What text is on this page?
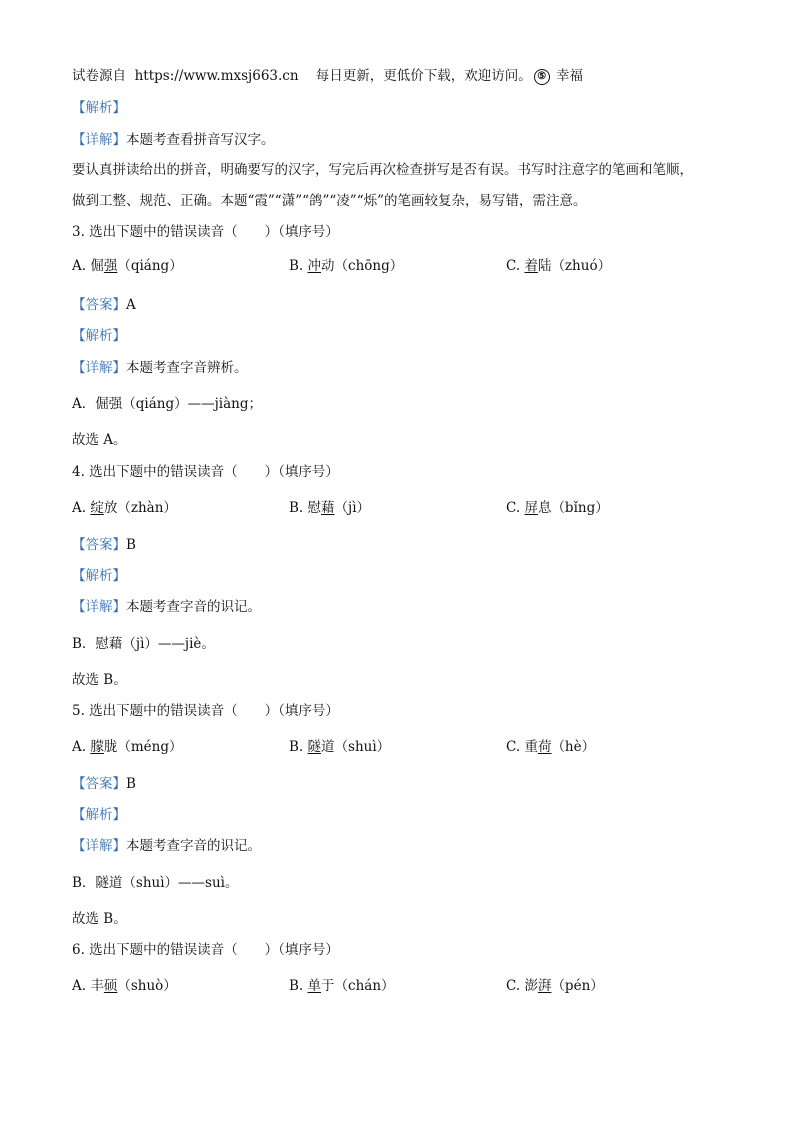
试卷源自 https://www.mxsj663.cn 每日更新，更低价下载，欢迎访问。 ⑤ 幸福
【解析】
【详解】本题考查看拼音写汉字。
要认真拼读给出的拼音，明确要写的汉字，写完后再次检查拼写是否有误。书写时注意字的笔画和笔顺，
做到工整、规范、正确。本题“霞”“潇”“鸽”“凌”“烁”的笔画较复杂，易写错，需注意。
3. 选出下题中的错误读音（　　）（填序号）
A. 倔强（qiáng）	B. 冲动（chōng）	C. 着陆（zhuó）
【答案】A
【解析】
【详解】本题考查字音辨析。
A．倔强（qiáng）——jiàng；
故选 A。
4. 选出下题中的错误读音（　　）（填序号）
A. 绽放（zhàn）	B. 慰藉（jì）	C. 屏息（bǐng）
【答案】B
【解析】
【详解】本题考查字音的识记。
B．慰藉（jì）——jiè。
故选 B。
5. 选出下题中的错误读音（　　）（填序号）
A. 朦胧（méng）	B. 隧道（shuì）	C. 重荷（hè）
【答案】B
【解析】
【详解】本题考查字音的识记。
B．隧道（shuì）——suì。
故选 B。
6. 选出下题中的错误读音（　　）（填序号）
A. 丰硕（shuò）	B. 单于（chán）	C. 澎湃（pén）
